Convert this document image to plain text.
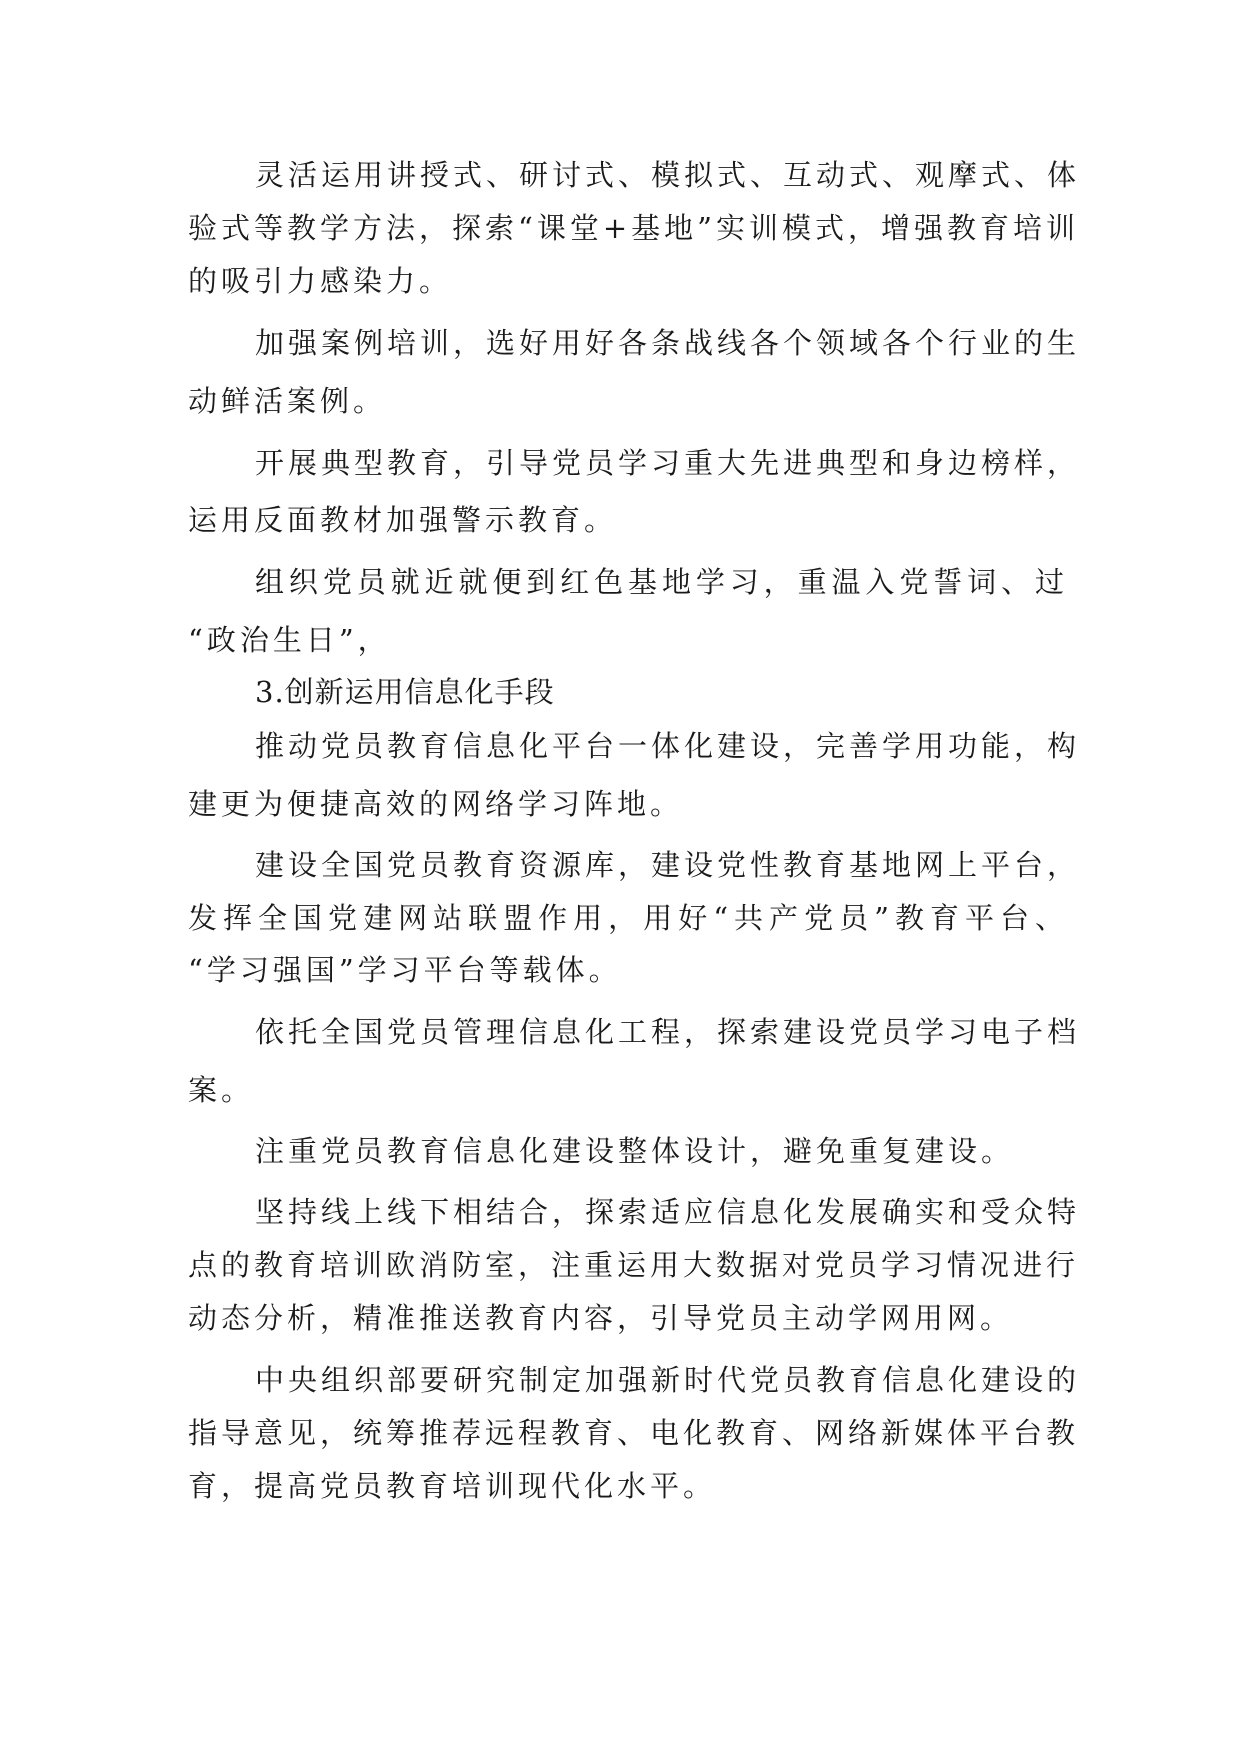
灵活运用讲授式、研讨式、模拟式、互动式、观摩式、体
验式等教学方法，探索“课堂+基地”实训模式，增强教育培训
的吸引力感染力。
加强案例培训，选好用好各条战线各个领域各个行业的生
动鲜活案例。
开展典型教育，引导党员学习重大先进典型和身边榜样，
运用反面教材加强警示教育。
组织党员就近就便到红色基地学习，重温入党誓词、过
“政治生日”，
3.创新运用信息化手段
推动党员教育信息化平台一体化建设，完善学用功能，构
建更为便捷高效的网络学习阵地。
建设全国党员教育资源库，建设党性教育基地网上平台，
发挥全国党建网站联盟作用，用好“共产党员”教育平台、
“学习强国”学习平台等载体。
依托全国党员管理信息化工程，探索建设党员学习电子档
案。
注重党员教育信息化建设整体设计，避免重复建设。
坚持线上线下相结合，探索适应信息化发展确实和受众特
点的教育培训欧消防室，注重运用大数据对党员学习情况进行
动态分析，精准推送教育内容，引导党员主动学网用网。
中央组织部要研究制定加强新时代党员教育信息化建设的
指导意见，统筹推荐远程教育、电化教育、网络新媒体平台教
育，提高党员教育培训现代化水平。
